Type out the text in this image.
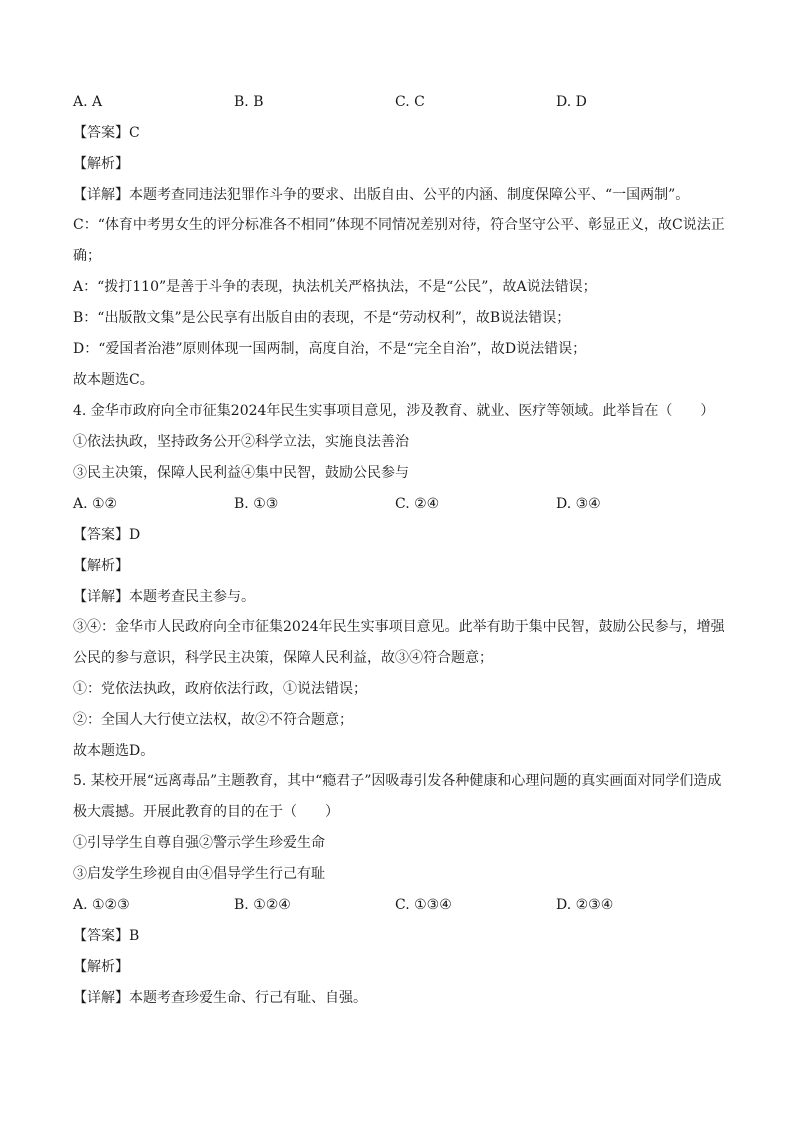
A. A	B. B	C. C	D. D
【答案】C
【解析】
【详解】本题考查同违法犯罪作斗争的要求、出版自由、公平的内涵、制度保障公平、“一国两制”。
C：“体育中考男女生的评分标准各不相同”体现不同情况差别对待，符合坚守公平、彰显正义，故C说法正确；
A：“拨打110”是善于斗争的表现，执法机关严格执法，不是“公民”，故A说法错误；
B：“出版散文集”是公民享有出版自由的表现，不是“劳动权利”，故B说法错误；
D：“爱国者治港”原则体现一国两制，高度自治，不是“完全自治”，故D说法错误；
故本题选C。
4. 金华市政府向全市征集2024年民生实事项目意见，涉及教育、就业、医疗等领域。此举旨在（　　）
①依法执政，坚持政务公开②科学立法，实施良法善治
③民主决策，保障人民利益④集中民智，鼓励公民参与
A. ①②	B. ①③	C. ②④	D. ③④
【答案】D
【解析】
【详解】本题考查民主参与。
③④：金华市人民政府向全市征集2024年民生实事项目意见。此举有助于集中民智，鼓励公民参与，增强公民的参与意识，科学民主决策，保障人民利益，故③④符合题意；
①：党依法执政，政府依法行政，①说法错误；
②：全国人大行使立法权，故②不符合题意；
故本题选D。
5. 某校开展“远离毒品”主题教育，其中“瘾君子”因吸毒引发各种健康和心理问题的真实画面对同学们造成极大震撼。开展此教育的目的在于（　　）
①引导学生自尊自强②警示学生珍爱生命
③启发学生珍视自由④倡导学生行己有耻
A. ①②③	B. ①②④	C. ①③④	D. ②③④
【答案】B
【解析】
【详解】本题考查珍爱生命、行己有耻、自强。
